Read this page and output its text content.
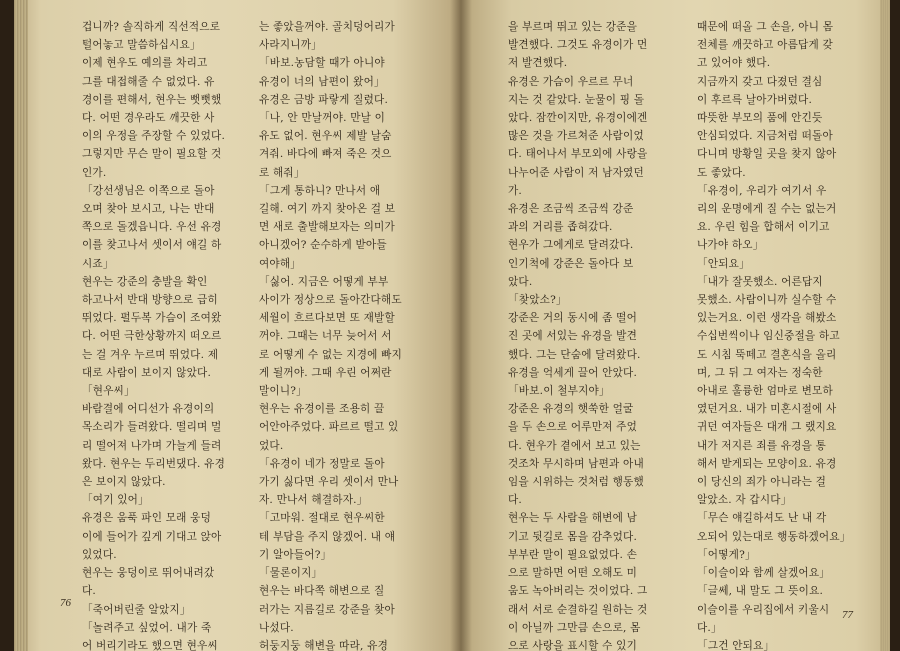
겁니까? 솔직하게 직선적으로

털어놓고 말씀하십시요」

이제 현우도 예의를 차리고

그를 대접해줄 수 없었다. 유

경이를 편해서, 현우는 뻣뻣했

다. 어떤 경우라도 깨끗한 사

이의 우정을 주장할 수 있었다.

그렇지만 무슨 말이 필요할 것

인가.

「강선생님은 이쪽으로 돌아

오며 찾아 보시고, 나는 반대

쪽으로 돌겠읍니다. 우선 유경

이를 찾고나서 셋이서 얘길 하

시죠」

현우는 강준의 충발을 확인

하고나서 반대 방향으로 급히

뛰었다. 펄두복 가슴이 조여왔

다. 어떤 극한상황까지 떠오르

는 걸 겨우 누르며 뛰었다. 제

대로 사람이 보이지 않았다.

「현우씨」

바람결에 어디선가 유경이의

목소리가 들려왔다. 떨리며 멀

리 떨어져 나가며 가늘게 들려

왔다. 현우는 두리번댔다. 유경

은 보이지 않았다.

「여기 있어」

유경은 움푹 파인 모래 웅덩

이에 들어가 깊게 기대고 앉아

있었다.

현우는 웅덩이로 뛰어내려갔

다.

「죽어버린줄 알았지」

「놀려주고 싶었어. 내가 죽

어 버리기라도 했으면 현우씨

는 좋았을꺼야. 골치덩어리가

사라지니까」

「바보.농담할 때가 아니야

유경이 너의 남편이 왔어」

유경은 금방 파랗게 질렸다.

「나, 안 만날꺼야. 만날 이

유도 없어. 현우씨 제발 날숨

겨줘. 바다에 빠져 죽은 것으

로 해줘」

「그게 통하니? 만나서 애

길해. 여기 까지 찾아온 걸 보

면 새로 출발해보자는 의미가

아니겠어? 순수하게 받아들

여야해」

「싫어. 지금은 어떻게 부부

사이가 정상으로 돌아간다해도

세월이 흐르다보면 또 재발할

꺼야. 그때는 너무 늦어서 서

로 어떻게 수 없는 지경에 빠지

게 될꺼야. 그때 우린 어쩌란

말이니?」

현우는 유경이를 조용히 끌

어안아주었다. 파르르 떨고 있

었다.

「유경이 네가 정말로 돌아

가기 싫다면 우리 셋이서 만나

자. 만나서 해결하자.」

「고마워. 절대로 현우씨한

테 부담을 주지 않겠어. 내 얘

기 알아들어?」

「물론이지」

현우는 바다쪽 해변으로 질

러가는 지름길로 강준을 찾아

나섰다.

허둥지둥 해변을 따라, 유경

76

을 부르며 뛰고 있는 강준을

발견했다. 그것도 유경이가 먼

저 발견했다.

유경은 가슴이 우르르 무너

지는 것 같았다. 눈물이 핑 돌

았다. 잠깐이지만, 유경이에겐

많은 것을 가르쳐준 사람이었

다. 태어나서 부모외에 사랑을

나누어준 사람이 저 남자였던

가.

유경은 조금씩 조금씩 강준

과의 거리를 좁혀갔다.

현우가 그에게로 달려갔다.

인기척에 강준은 돌아다 보

았다.

「찾았소?」

강준은 거의 동시에 좀 떨어

진 곳에 서있는 유경을 발견

했다. 그는 단숨에 달려왔다.

유경을 억세게 끌어 안았다.

「바보.이 철부지야」

강준은 유경의 햇쑥한 얼굴

을 두 손으로 어루만져 주었

다. 현우가 곁에서 보고 있는

것조차 무시하며 남편과 아내

임을 시위하는 것처럼 행동했

다.

현우는 두 사람을 해변에 남

기고 뒷길로 몸을 감추었다.

부부란 말이 필요없었다. 손

으로 말하면 어떤 오해도 미

움도 녹아버리는 것이었다. 그

래서 서로 순결하길 원하는 것

이 아닐까 그만큼 손으로, 몸

으로 사랑을 표시할 수 있기

때문에 떠올 그 손을, 아니 몸

전체를 깨끗하고 아름답게 갖

고 있어야 했다.

지금까지 갖고 다졌던 결심

이 후르륵 날아가버렸다.

따뜻한 부모의 품에 안긴듯

안심되었다. 지금처럼 떠돌아

다니며 방황일 곳을 찾지 않아

도 좋았다.

「유경이, 우리가 여기서 우

리의 운명에게 질 수는 없는거

요. 우린 힘을 합해서 이기고

나가야 하오」

「안되요」

「내가 잘못했소. 어른답지

못했소. 사람이니까 실수할 수

있는거요. 이런 생각을 해봤소

수십번씩이나 임신중절을 하고

도 시침 뚝떼고 결혼식을 올리

며, 그 뒤 그 여자는 정숙한

아내로 훌륭한 엄마로 변모하

였던거요. 내가 미혼시절에 사

귀던 여자들은 대개 그 랬지요

내가 저지른 죄를 유경을 통

해서 받게되는 모양이요. 유경

이 당신의 죄가 아니라는 걸

알았소. 자 갑시다」

「무슨 얘길하셔도 난 내 각

오되어 있는대로 행동하겠어요」

「어떻게?」

「이슬이와 함께 살겠어요」

「글쎄, 내 말도 그 뜻이요.

이슬이를 우리집에서 키울시

다.」

「그건 안되요」

77
